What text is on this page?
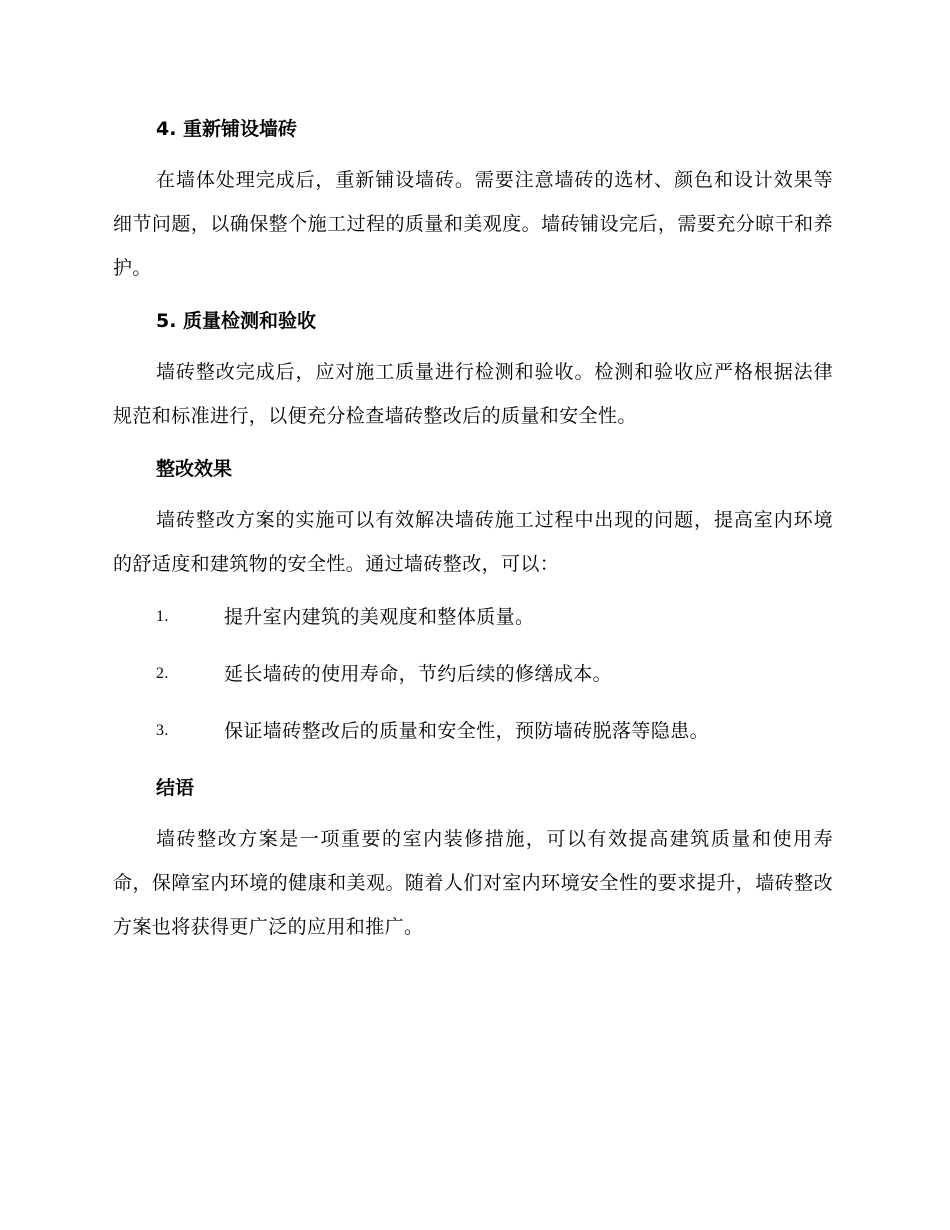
4. 重新铺设墙砖

在墙体处理完成后，重新铺设墙砖。需要注意墙砖的选材、颜色和设计效果等细节问题，以确保整个施工过程的质量和美观度。墙砖铺设完后，需要充分晾干和养护。

5. 质量检测和验收

墙砖整改完成后，应对施工质量进行检测和验收。检测和验收应严格根据法律规范和标准进行，以便充分检查墙砖整改后的质量和安全性。

整改效果

墙砖整改方案的实施可以有效解决墙砖施工过程中出现的问题，提高室内环境的舒适度和建筑物的安全性。通过墙砖整改，可以：

1.	提升室内建筑的美观度和整体质量。
2.	延长墙砖的使用寿命，节约后续的修缮成本。
3.	保证墙砖整改后的质量和安全性，预防墙砖脱落等隐患。
结语

墙砖整改方案是一项重要的室内装修措施，可以有效提高建筑质量和使用寿命，保障室内环境的健康和美观。随着人们对室内环境安全性的要求提升，墙砖整改方案也将获得更广泛的应用和推广。
